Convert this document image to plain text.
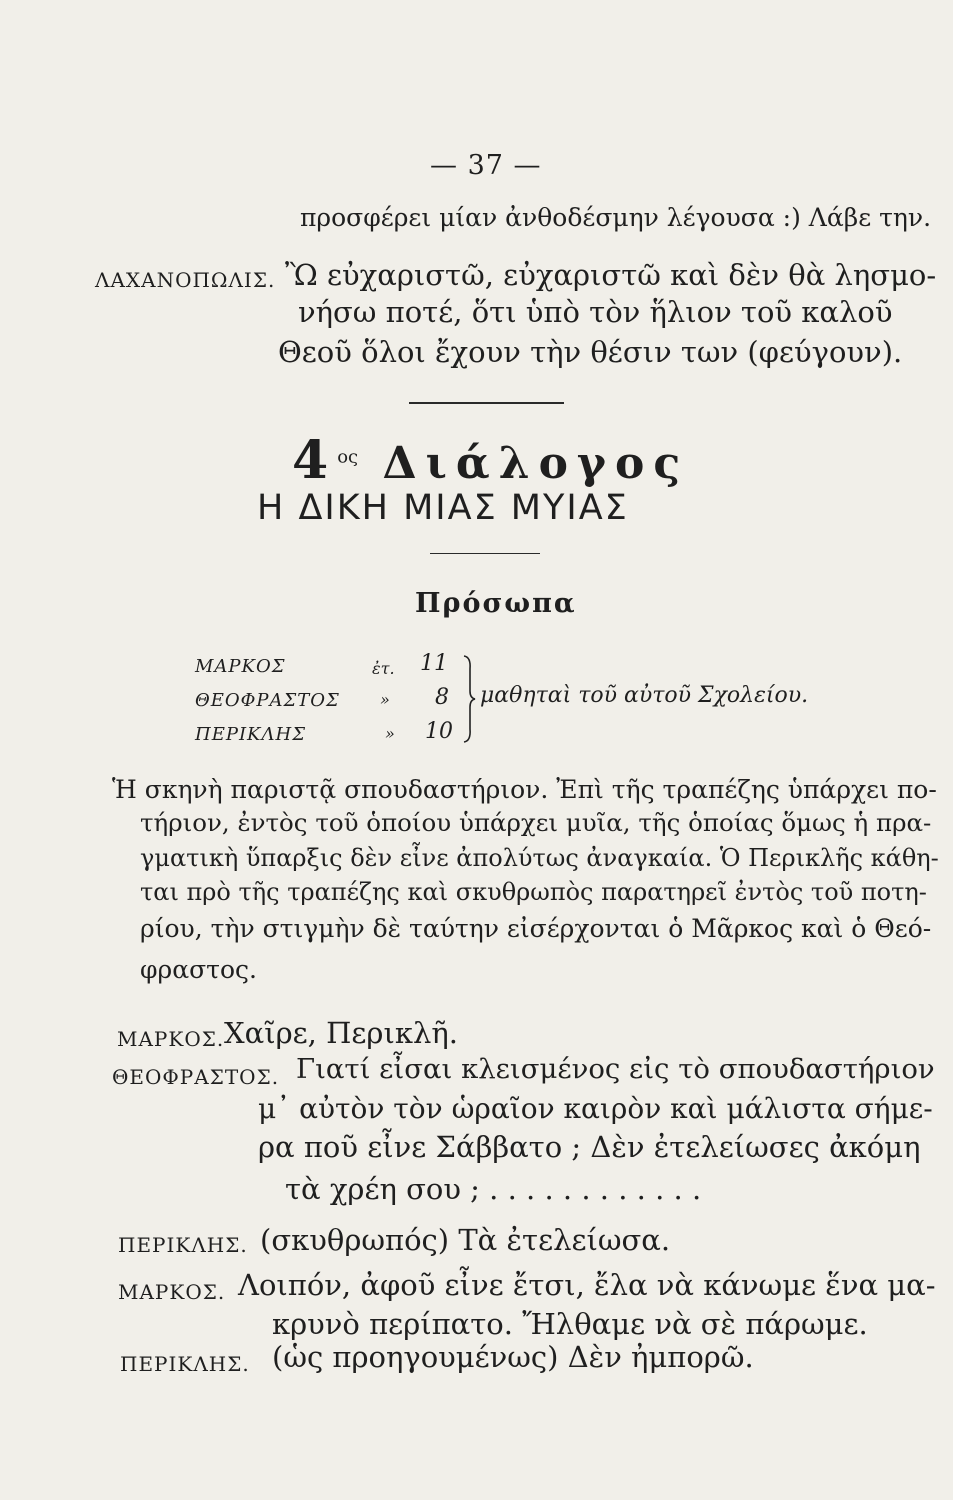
— 37 —
προσφέρει μίαν ἀνθοδέσμην λέγουσα :) Λάβε την.
ΛΑΧΑΝΟΠΩΛΙΣ. Ὢ εὐχαριστῶ, εὐχαριστῶ καὶ δὲν θὰ λησμο-
νήσω ποτέ, ὅτι ὑπὸ τὸν ἥλιον τοῦ καλοῦ
Θεοῦ ὅλοι ἔχουν τὴν θέσιν των (φεύγουν).
$4^{o\varsigma}$ Διάλογος
Η ΔΙΚΗ ΜΙΑΣ ΜΥΙΑΣ
Πρόσωπα
ΜΑΡΚΟΣ	ἐτ. 11
ΘΕΟΦΡΑΣΤΟΣ	» 8
ΠΕΡΙΚΛΗΣ	» 10
μαθηταὶ τοῦ αὐτοῦ Σχολείου.
Ἡ σκηνὴ παριστᾷ σπουδαστήριον. Ἐπὶ τῆς τραπέζης ὑπάρχει πο-
τήριον, ἐντὸς τοῦ ὁποίου ὑπάρχει μυῖα, τῆς ὁποίας ὅμως ἡ πρα-
γματικὴ ὕπαρξις δὲν εἶνε ἀπολύτως ἀναγκαία. Ὁ Περικλῆς κάθη-
ται πρὸ τῆς τραπέζης καὶ σκυθρωπὸς παρατηρεῖ ἐντὸς τοῦ ποτη-
ρίου, τὴν στιγμὴν δὲ ταύτην εἰσέρχονται ὁ Μᾶρκος καὶ ὁ Θεό-
φραστος.
ΜΑΡΚΟΣ. Χαῖρε, Περικλῆ.
ΘΕΟΦΡΑΣΤΟΣ. Γιατί εἶσαι κλεισμένος εἰς τὸ σπουδαστήριον
μ᾽ αὐτὸν τὸν ὡραῖον καιρὸν καὶ μάλιστα σήμε-
ρα ποῦ εἶνε Σάββατο ; Δὲν ἐτελείωσες ἀκόμη
τὰ χρέη σου ; . . . . . . . . . . . .
ΠΕΡΙΚΛΗΣ. (σκυθρωπός) Τὰ ἐτελείωσα.
ΜΑΡΚΟΣ. Λοιπόν, ἀφοῦ εἶνε ἔτσι, ἔλα νὰ κάνωμε ἕνα μα-
κρυνὸ περίπατο. Ἤλθαμε νὰ σὲ πάρωμε.
ΠΕΡΙΚΛΗΣ. (ὡς προηγουμένως) Δὲν ἠμπορῶ.
